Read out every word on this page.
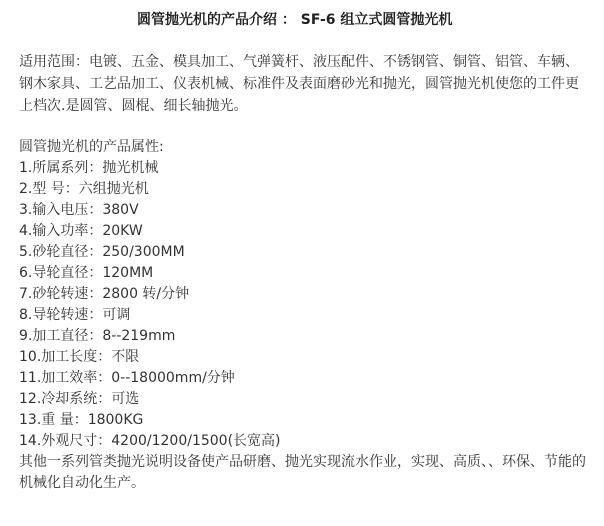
圆管抛光机的产品介绍 ： SF-6 组立式圆管抛光机
适用范围：电镀、五金、模具加工、气弹簧杆、液压配件、不锈钢管、铜管、铝管、车辆、钢木家具、工艺品加工、仪表机械、标准件及表面磨砂光和抛光，圆管抛光机使您的工件更上档次.是圆管、圆棍、细长轴抛光。
圆管抛光机的产品属性:
1.所属系列：抛光机械
2.型 号：六组抛光机
3.输入电压：380V
4.输入功率：20KW
5.砂轮直径：250/300MM
6.导轮直径：120MM
7.砂轮转速：2800 转/分钟
8.导轮转速：可调
9.加工直径：8--219mm
10.加工长度：不限
11.加工效率：0--18000mm/分钟
12.冷却系统：可选
13.重 量：1800KG
14.外观尺寸：4200/1200/1500(长宽高)
其他一系列管类抛光说明设备使产品研磨、抛光实现流水作业，实现、高质、、环保、节能的机械化自动化生产。
